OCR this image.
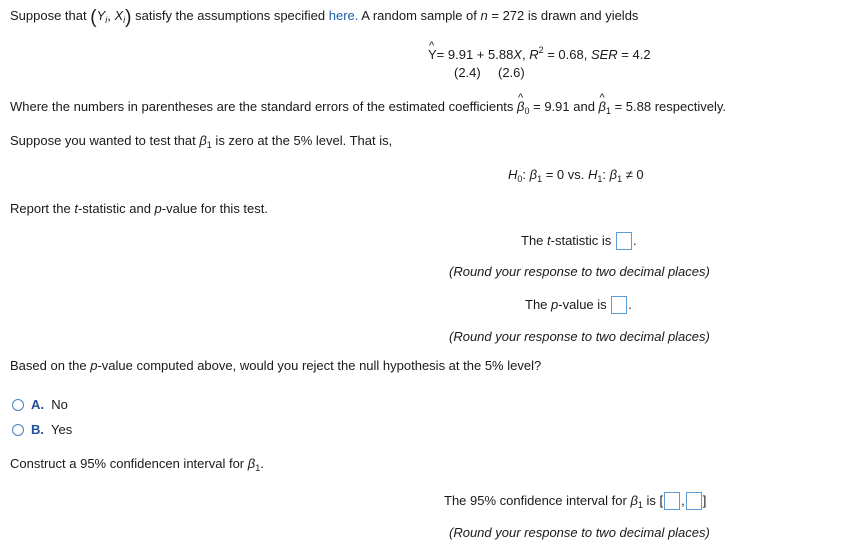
Suppose that ($Y_i$, $X_i$) satisfy the assumptions specified here. A random sample of n = 272 is drawn and yields
^ Y= 9.91 + 5.88X, $R^2 = 0.68$, SER = 4.2
(2.4) (2.6)
Where the numbers in parentheses are the standard errors of the estimated coefficients ^ $\beta_0 = 9.91$ and ^ $\beta_1 = 5.88$ respectively.
Suppose you wanted to test that $\beta_1$ is zero at the 5% level. That is,
$H_0$: $\beta_1 = 0$ vs. $H_1$: $\beta_1 \ne 0$
Report the t-statistic and p-value for this test.
The t-statistic is .
(Round your response to two decimal places)
The p-value is .
(Round your response to two decimal places)
Based on the p-value computed above, would you reject the null hypothesis at the 5% level?
A. No
B. Yes
Construct a 95% confidencen interval for $\beta_1$.
The 95% confidence interval for $\beta_1$ is [ , ]
(Round your response to two decimal places)
